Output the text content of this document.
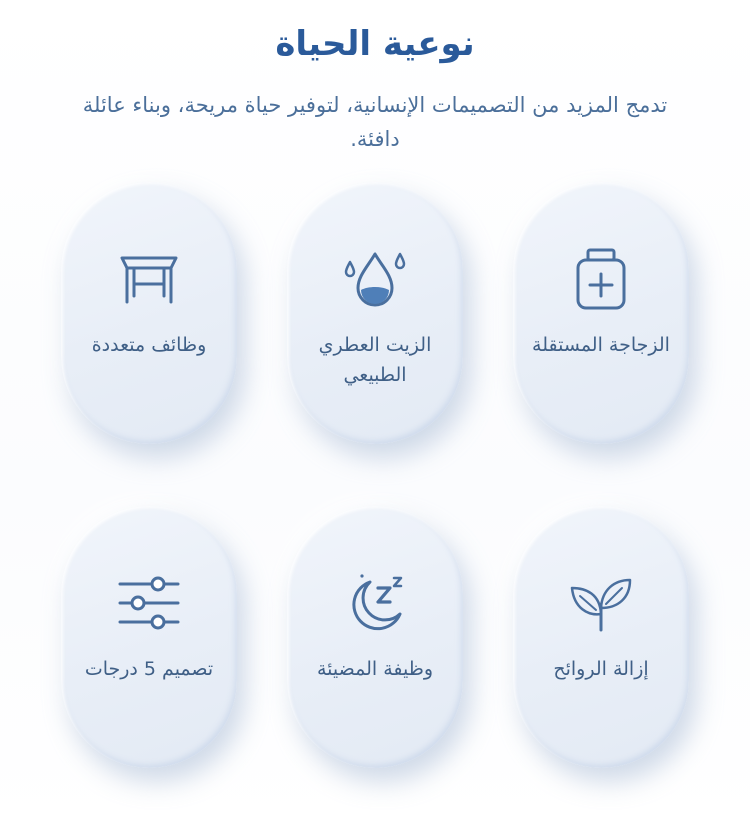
نوعية الحياة

تدمج المزيد من التصميمات الإنسانية، لتوفير حياة مريحة، وبناء عائلة دافئة.

وظائف متعددة	الزيت العطري الطبيعي
الزجاجة المستقلة
تصميم 5 درجات	وظيفة المضيئة	إزالة الروائح
